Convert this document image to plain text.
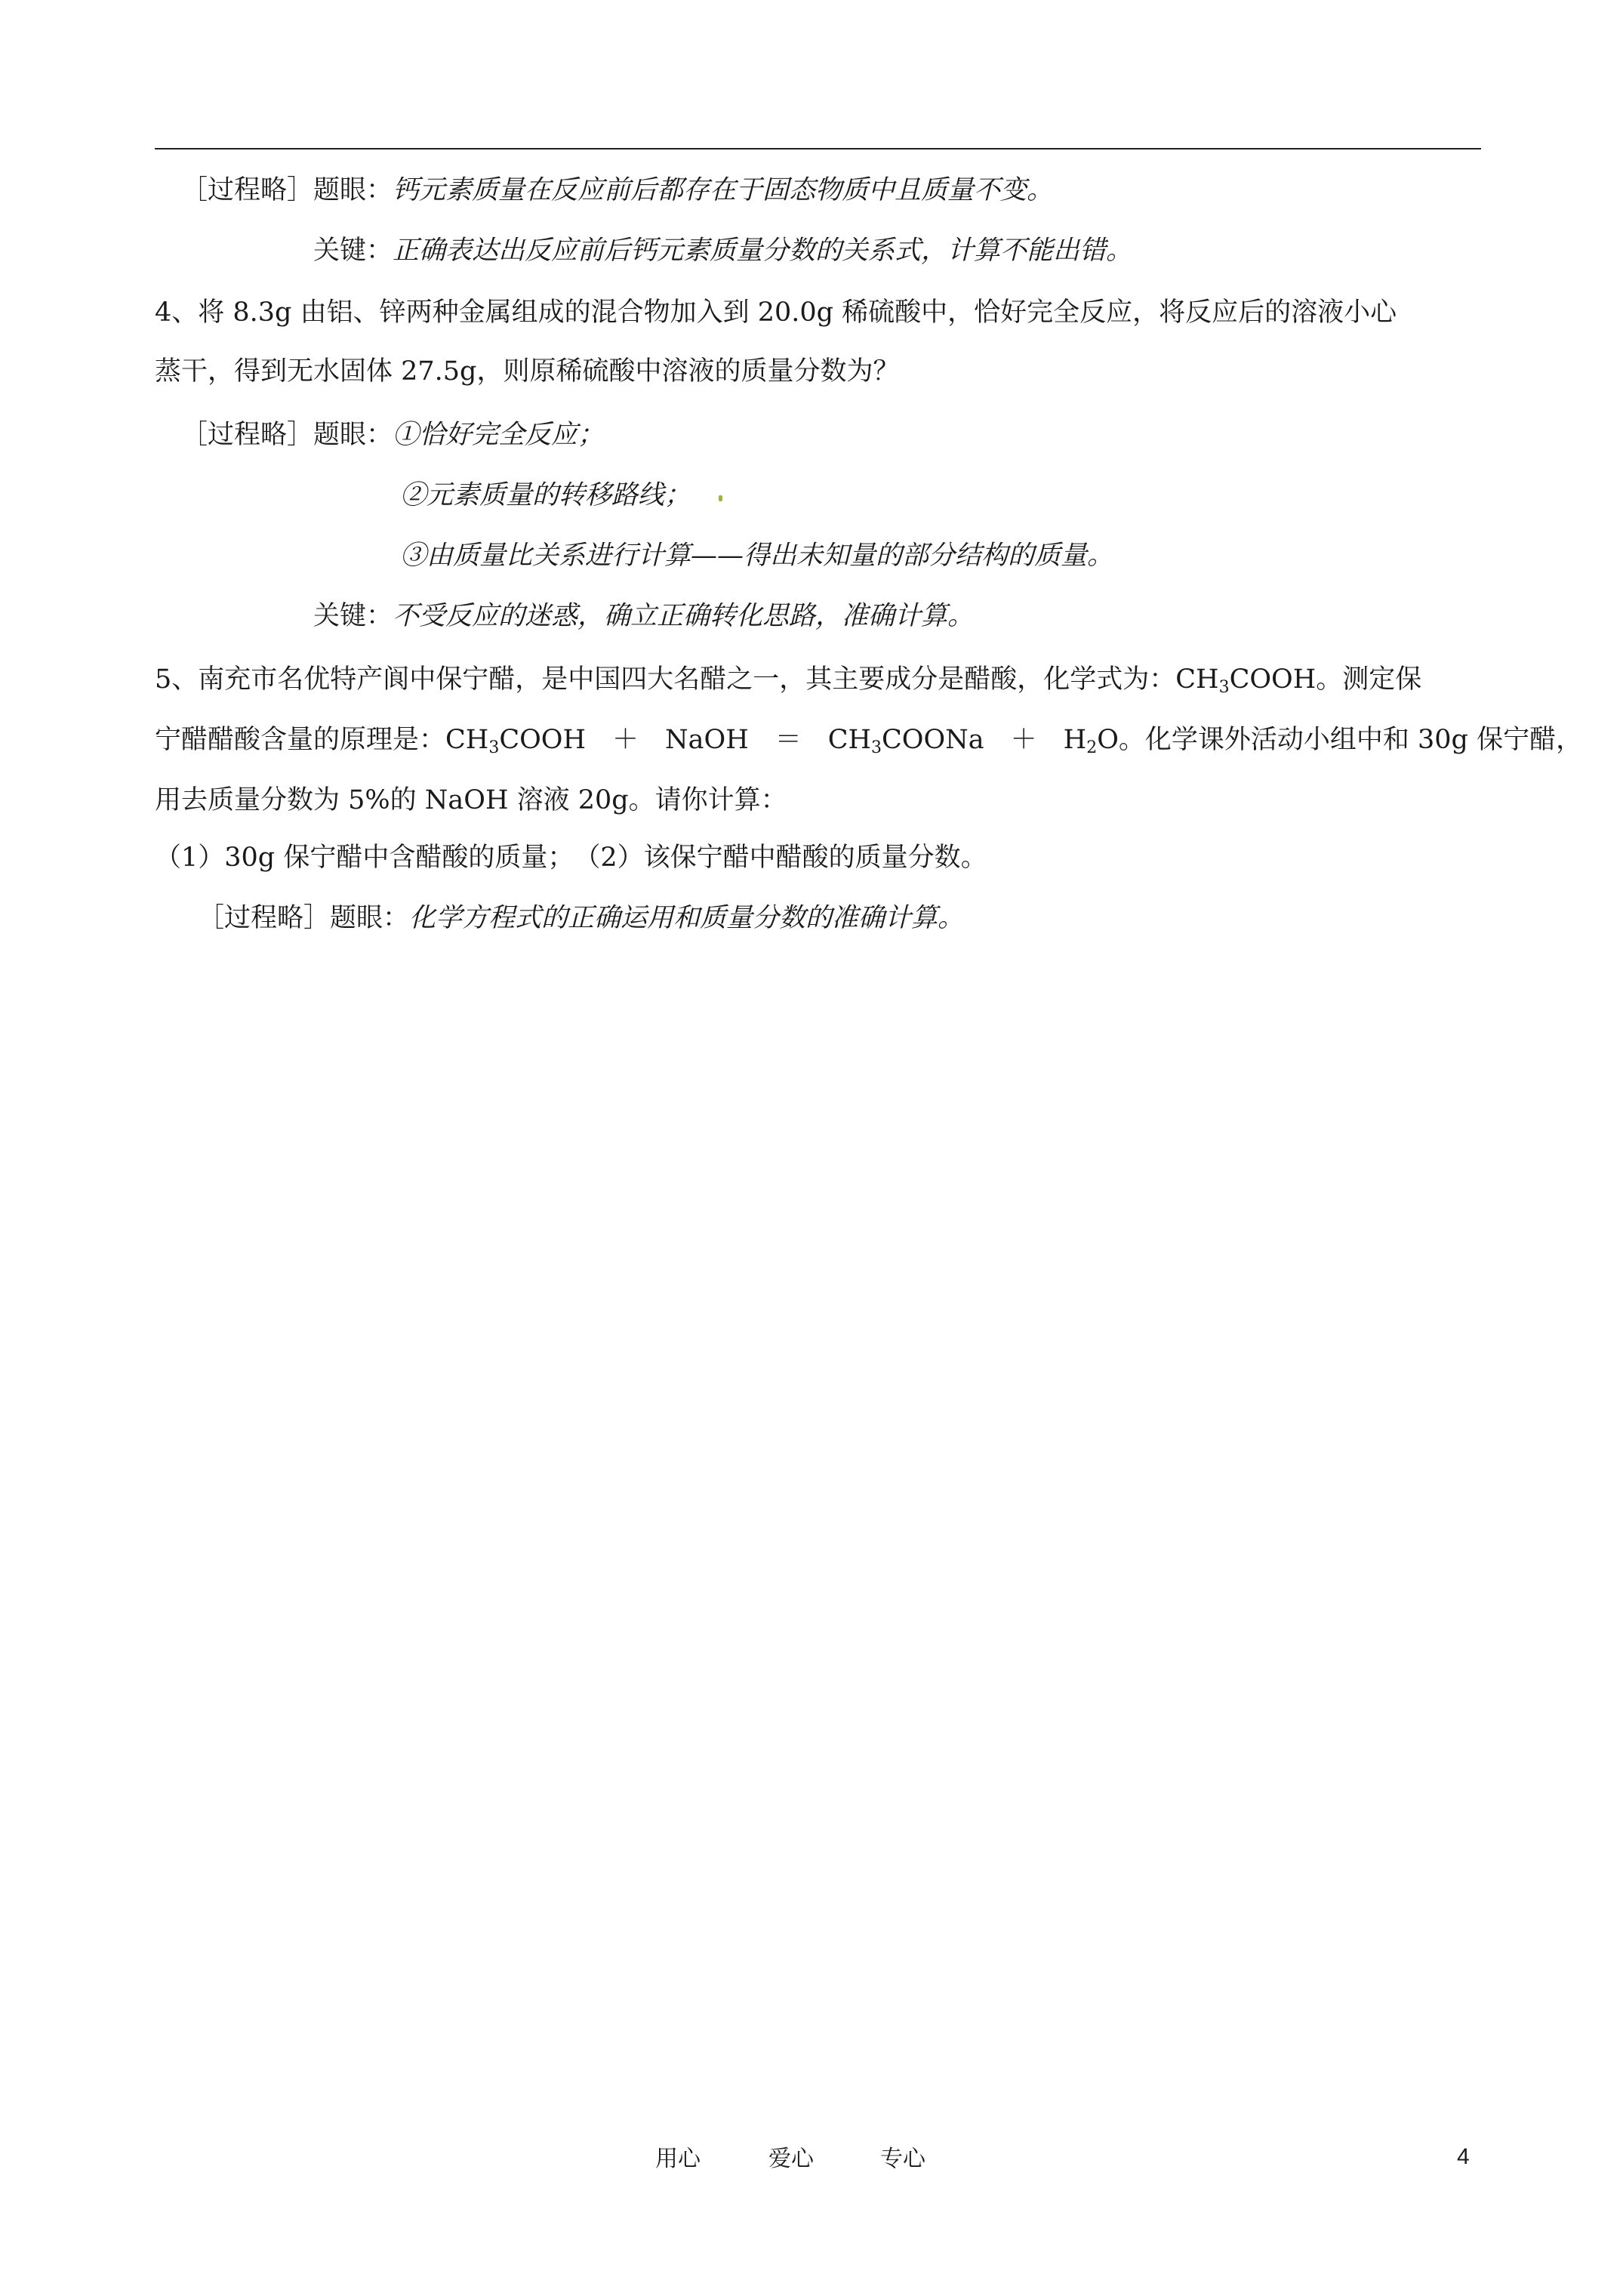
［过程略］题眼：钙元素质量在反应前后都存在于固态物质中且质量不变。
关键：正确表达出反应前后钙元素质量分数的关系式，计算不能出错。
4、将 8.3g 由铝、锌两种金属组成的混合物加入到 20.0g 稀硫酸中，恰好完全反应，将反应后的溶液小心
蒸干，得到无水固体 27.5g，则原稀硫酸中溶液的质量分数为？
［过程略］题眼：①恰好完全反应；
②元素质量的转移路线；
③由质量比关系进行计算——得出未知量的部分结构的质量。
关键：不受反应的迷惑，确立正确转化思路，准确计算。
5、南充市名优特产阆中保宁醋，是中国四大名醋之一，其主要成分是醋酸，化学式为：$CH_3COOH$。测定保
宁醋醋酸含量的原理是：$CH_3COOH$　＋　NaOH　＝　$CH_3COONa$　＋　$H_2O$。化学课外活动小组中和 30g 保宁醋，
用去质量分数为 5%的 NaOH 溶液 20g。请你计算：
（1）30g 保宁醋中含醋酸的质量；　（2）该保宁醋中醋酸的质量分数。
［过程略］题眼：化学方程式的正确运用和质量分数的准确计算。
用心	爱心	专心	4
